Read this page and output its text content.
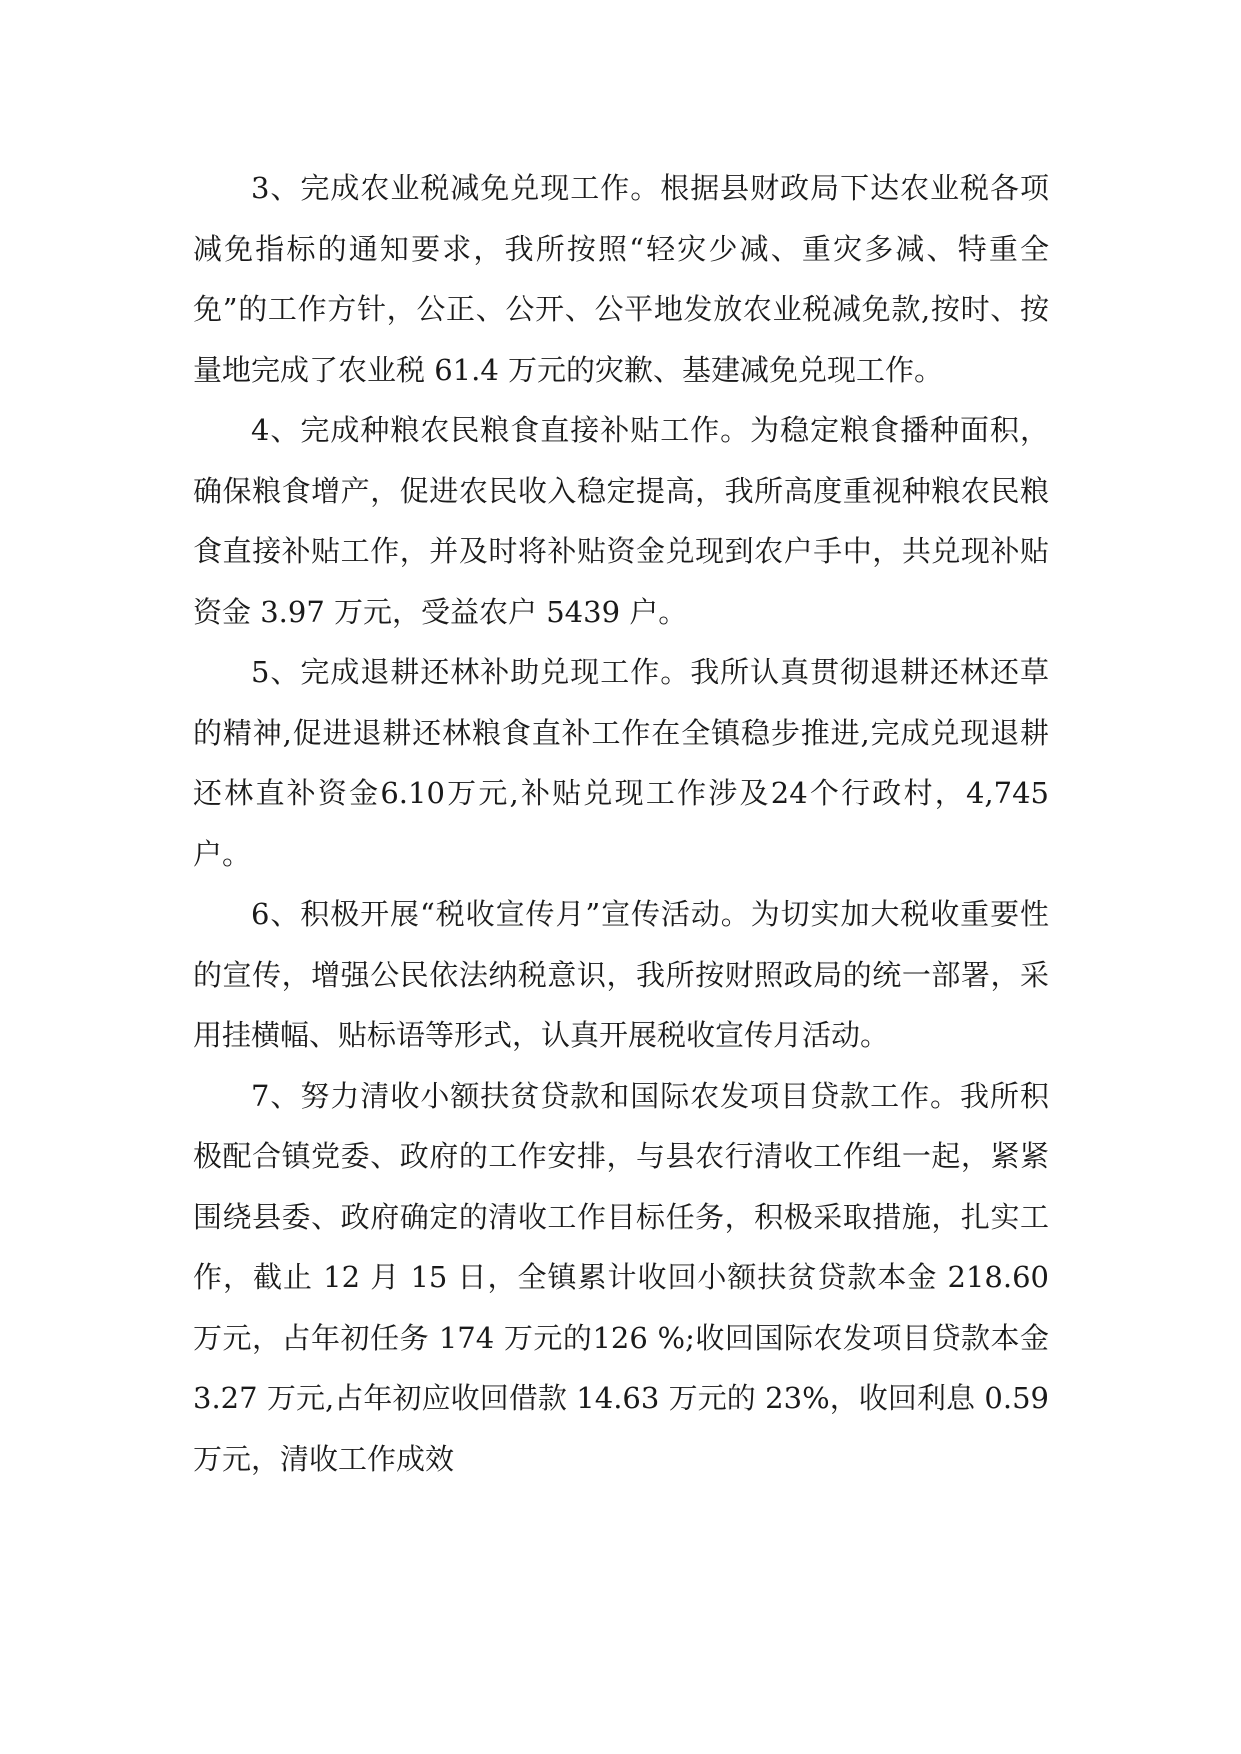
3、完成农业税减免兑现工作。根据县财政局下达农业税各项减免指标的通知要求，我所按照“轻灾少减、重灾多减、特重全免”的工作方针，公正、公开、公平地发放农业税减免款,按时、按量地完成了农业税 61.4 万元的灾歉、基建减免兑现工作。

4、完成种粮农民粮食直接补贴工作。为稳定粮食播种面积，确保粮食增产，促进农民收入稳定提高，我所高度重视种粮农民粮食直接补贴工作，并及时将补贴资金兑现到农户手中，共兑现补贴资金 3.97 万元，受益农户 5439 户。

5、完成退耕还林补助兑现工作。我所认真贯彻退耕还林还草的精神,促进退耕还林粮食直补工作在全镇稳步推进,完成兑现退耕还林直补资金6.10万元,补贴兑现工作涉及24个行政村，4,745 户。

6、积极开展“税收宣传月”宣传活动。为切实加大税收重要性的宣传，增强公民依法纳税意识，我所按财照政局的统一部署，采用挂横幅、贴标语等形式，认真开展税收宣传月活动。

7、努力清收小额扶贫贷款和国际农发项目贷款工作。我所积极配合镇党委、政府的工作安排，与县农行清收工作组一起，紧紧围绕县委、政府确定的清收工作目标任务，积极采取措施，扎实工作，截止 12 月 15 日，全镇累计收回小额扶贫贷款本金 218.60 万元，占年初任务 174 万元的126 %;收回国际农发项目贷款本金 3.27 万元,占年初应收回借款 14.63 万元的 23%，收回利息 0.59 万元，清收工作成效
